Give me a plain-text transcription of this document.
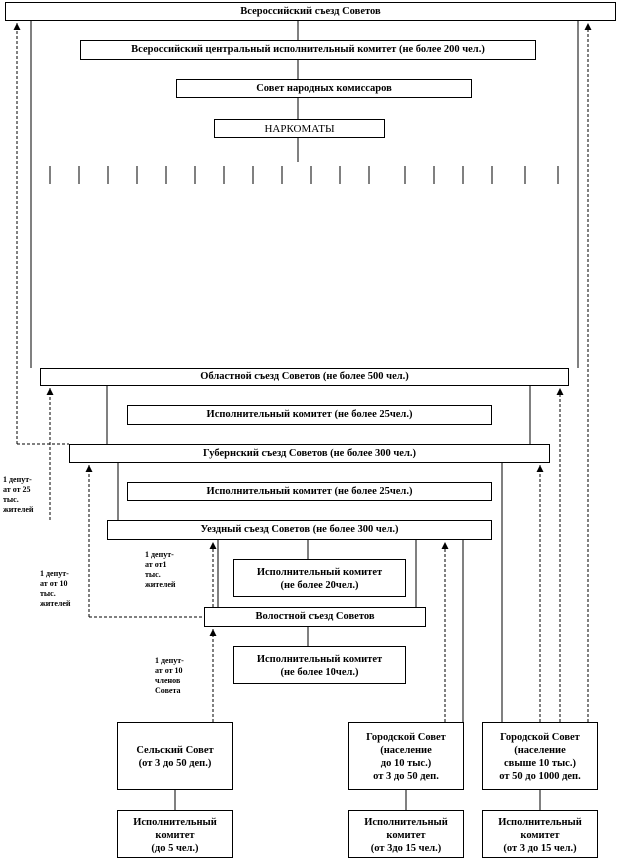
Всероссийский съезд Советов
Всероссийский центральный исполнительный комитет (не более 200 чел.)
Совет народных комиссаров
НАРКОМАТЫ
Областной съезд Советов (не более 500 чел.)
Исполнительный комитет (не более 25чел.)
Губернский съезд Советов (не более 300 чел.)
Исполнительный комитет (не более 25чел.)
Уездный съезд Советов (не более 300 чел.)
Исполнительный комитет
(не более 20чел.)
Волостной съезд Советов
Исполнительный комитет
(не более 10чел.)
Сельский Совет
(от 3 до 50 деп.)
Городской Совет
(население
до 10 тыс.)
от 3 до 50 деп.
Городской Совет
(население
свыше 10 тыс.)
от 50 до 1000 деп.
Исполнительный
комитет
(до 5 чел.)
Исполнительный
комитет
(от 3до 15 чел.)
Исполнительный
комитет
(от 3 до 15 чел.)
1 депут-
ат от 25
тыс.
жителей
1 депут-
ат от 10
тыс.
жителей
1 депут-
ат от1
тыс.
жителей
1 депут-
ат от 10
членов
Совета
